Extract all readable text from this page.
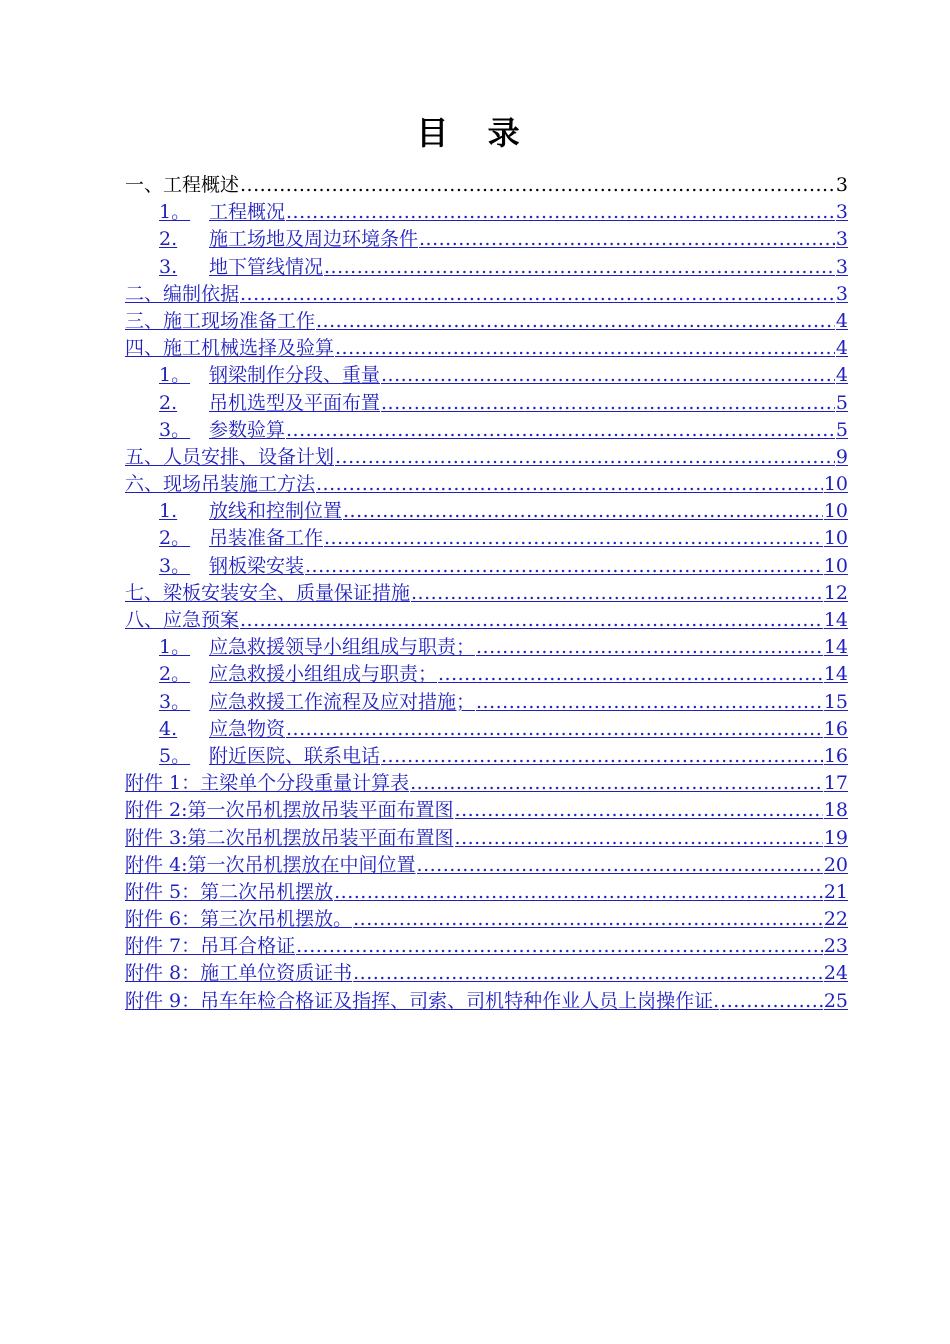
目 录
一、工程概述 .....	3
1。 工程概况 .....	3
2.	施工场地及周边环境条件 .....	3
3.	地下管线情况 .....	3
二、编制依据 .....	3
三、施工现场准备工作 .....	4
四、施工机械选择及验算 .....	4
1。 钢梁制作分段、重量 .....	4
2.	吊机选型及平面布置 .....	5
3。 参数验算 .....	5
五、人员安排、设备计划 .....	9
六、现场吊装施工方法 .....	10
1.	放线和控制位置 .....	10
2。 吊装准备工作 .....	10
3。 钢板梁安装 .....	10
七、梁板安装安全、质量保证措施 .....	12
八、应急预案 .....	14
1。 应急救援领导小组组成与职责； .....	14
2。 应急救援小组组成与职责； .....	14
3。 应急救援工作流程及应对措施； .....	15
4.	应急物资 .....	16
5。 附近医院、联系电话 .....	16
附件 1：主梁单个分段重量计算表 .....	17
附件 2:第一次吊机摆放吊装平面布置图 .....	18
附件 3:第二次吊机摆放吊装平面布置图 .....	19
附件 4:第一次吊机摆放在中间位置 .....	20
附件 5：第二次吊机摆放 .....	21
附件 6：第三次吊机摆放。 .....	22
附件 7：吊耳合格证 .....	23
附件 8：施工单位资质证书 .....	24
附件 9：吊车年检合格证及指挥、司索、司机特种作业人员上岗操作证. .....	25
